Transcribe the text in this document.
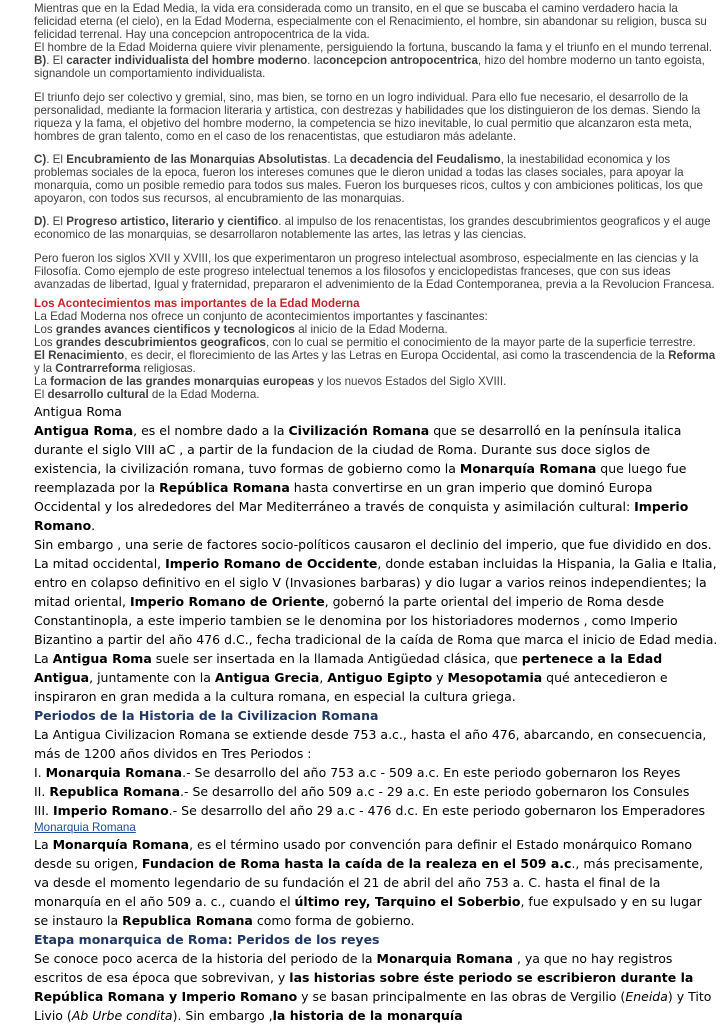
Mientras que en la Edad Media, la vida era considerada como un transito, en el que se buscaba el camino verdadero hacia la felicidad eterna (el cielo), en la Edad Moderna, especialmente con el Renacimiento, el hombre, sin abandonar su religion, busca su felicidad terrenal. Hay una concepcion antropocentrica de la vida.

El hombre de la Edad Moiderna quiere vivir plenamente, persiguiendo la fortuna, buscando la fama y el triunfo en el mundo terrenal.

B). El caracter individualista del hombre moderno. laconcepcion antropocentrica, hizo del hombre moderno un tanto egoista, signandole un comportamiento individualista.

El triunfo dejo ser colectivo y gremial, sino, mas bien, se torno en un logro individual. Para ello fue necesario, el desarrollo de la personalidad, mediante la formacion literaria y artistica, con destrezas y habilidades que los distinguieron de los demas. Siendo la riqueza y la fama, el objetivo del hombre moderno, la competencia se hizo inevitable, lo cual permitio que alcanzaron esta meta, hombres de gran talento, como en el caso de los renacentistas, que estudiaron más adelante.

C). El Encubramiento de las Monarquias Absolutistas. La decadencia del Feudalismo, la inestabilidad economica y los problemas sociales de la epoca, fueron los intereses comunes que le dieron unidad a todas las clases sociales, para apoyar la monarquia, como un posible remedio para todos sus males. Fueron los burqueses ricos, cultos y con ambiciones politicas, los que apoyaron, con todos sus recursos, al encubramiento de las monarquias.

D). El Progreso artistico, literario y cientifico. al impulso de los renacentistas, los grandes descubrimientos geograficos y el auge economico de las monarquias, se desarrollaron notablemente las artes, las letras y las ciencias.

Pero fueron los siglos XVII y XVIII, los que experimentaron un progreso intelectual asombroso, especialmente en las ciencias y la Filosofía. Como ejemplo de este progreso intelectual tenemos a los filosofos y enciclopedistas franceses, que con sus ideas avanzadas de libertad, Igual y fraternidad, prepararon el advenimiento de la Edad Contemporanea, previa a la Revolucion Francesa.

Los Acontecimientos mas importantes de la Edad Moderna

La Edad Moderna nos ofrece un conjunto de acontecimientos importantes y fascinantes:

Los grandes avances cientificos y tecnologicos al inicio de la Edad Moderna.

Los grandes descubrimientos geograficos, con lo cual se permitio el conocimiento de la mayor parte de la superficie terrestre.

El Renacimiento, es decir, el florecimiento de las Artes y las Letras en Europa Occidental, asi como la trascendencia de la Reforma y la Contrarreforma religiosas.

La formacion de las grandes monarquias europeas y los nuevos Estados del Siglo XVIII.

El desarrollo cultural de la Edad Moderna.

Antigua Roma

Antigua Roma, es el nombre dado a la Civilización Romana que se desarrolló en la península italica durante el siglo VIII aC , a partir de la fundacion de la ciudad de Roma. Durante sus doce siglos de existencia, la civilización romana, tuvo formas de gobierno como la Monarquía Romana que luego fue reemplazada por la República Romana hasta convertirse en un gran imperio que dominó Europa Occidental y los alrededores del Mar Mediterráneo a través de conquista y asimilación cultural: Imperio Romano.

Sin embargo , una serie de factores socio-políticos causaron el declinio del imperio, que fue dividido en dos. La mitad occidental, Imperio Romano de Occidente, donde estaban incluidas la Hispania, la Galia e Italia, entro en colapso definitivo en el siglo V (Invasiones barbaras) y dio lugar a varios reinos independientes; la mitad oriental, Imperio Romano de Oriente, gobernó la parte oriental del imperio de Roma desde Constantinopla, a este imperio tambien se le denomina por los historiadores modernos , como Imperio Bizantino a partir del año 476 d.C., fecha tradicional de la caída de Roma que marca el inicio de Edad media.

La Antigua Roma suele ser insertada en la llamada Antigüedad clásica, que pertenece a la Edad Antigua, juntamente con la Antigua Grecia, Antiguo Egipto y Mesopotamia qué antecedieron e inspiraron en gran medida a la cultura romana, en especial la cultura griega.

Periodos de la Historia de la Civilizacion Romana

La Antigua Civilizacion Romana se extiende desde 753 a.c., hasta el año 476, abarcando, en consecuencia, más de 1200 años dividos en Tres Periodos :

I. Monarquia Romana.- Se desarrollo del año 753 a.c - 509 a.c. En este periodo gobernaron los Reyes

II. Republica Romana.- Se desarrollo del año 509 a.c - 29 a.c. En este periodo gobernaron los Consules

III. Imperio Romano.- Se desarrollo del año 29 a.c - 476 d.c. En este periodo gobernaron los Emperadores

Monarquia Romana

La Monarquía Romana, es el término usado por convención para definir el Estado monárquico Romano desde su origen, Fundacion de Roma hasta la caída de la realeza en el 509 a.c., más precisamente, va desde el momento legendario de su fundación el 21 de abril del año 753 a. C. hasta el final de la monarquía en el año 509 a. c., cuando el último rey, Tarquino el Soberbio, fue expulsado y en su lugar se instauro la Republica Romana como forma de gobierno.

Etapa monarquica de Roma: Peridos de los reyes

Se conoce poco acerca de la historia del periodo de la Monarquia Romana , ya que no hay registros escritos de esa época que sobrevivan, y las historias sobre éste periodo se escribieron durante la República Romana y Imperio Romano y se basan principalmente en las obras de Vergilio (Eneida) y Tito Livio (Ab Urbe condita). Sin embargo ,la historia de la monarquía
